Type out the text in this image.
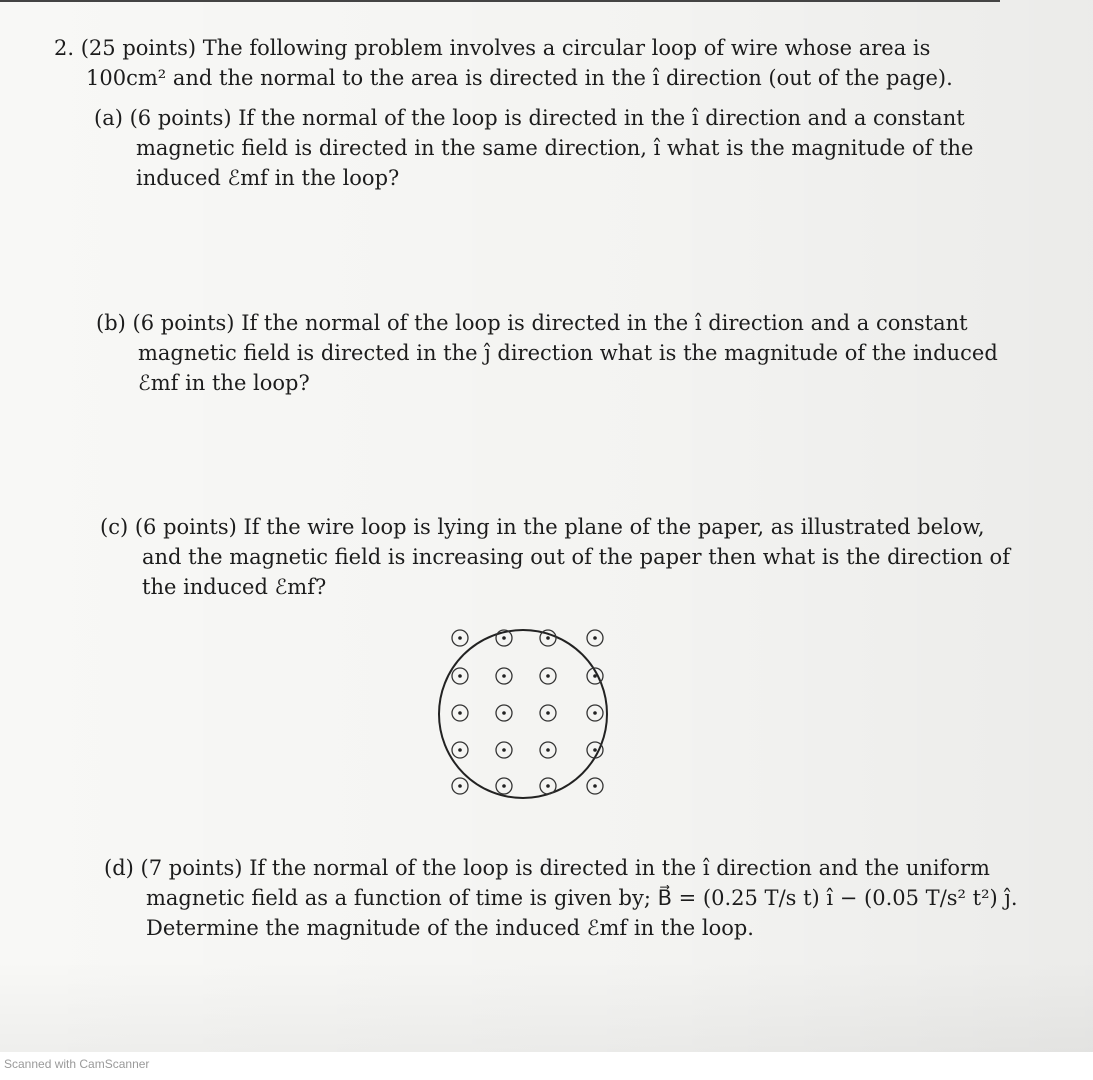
2. (25 points) The following problem involves a circular loop of wire whose area is
100cm² and the normal to the area is directed in the î direction (out of the page).
(a) (6 points) If the normal of the loop is directed in the î direction and a constant
magnetic field is directed in the same direction, î what is the magnitude of the
induced ℰmf in the loop?
(b) (6 points) If the normal of the loop is directed in the î direction and a constant
magnetic field is directed in the ĵ direction what is the magnitude of the induced
ℰmf in the loop?
(c) (6 points) If the wire loop is lying in the plane of the paper, as illustrated below,
and the magnetic field is increasing out of the paper then what is the direction of
the induced ℰmf?
(d) (7 points) If the normal of the loop is directed in the î direction and the uniform
magnetic field as a function of time is given by; B⃗ = (0.25 T/s t) î − (0.05 T/s² t²) ĵ.
Determine the magnitude of the induced ℰmf in the loop.
Scanned with CamScanner
